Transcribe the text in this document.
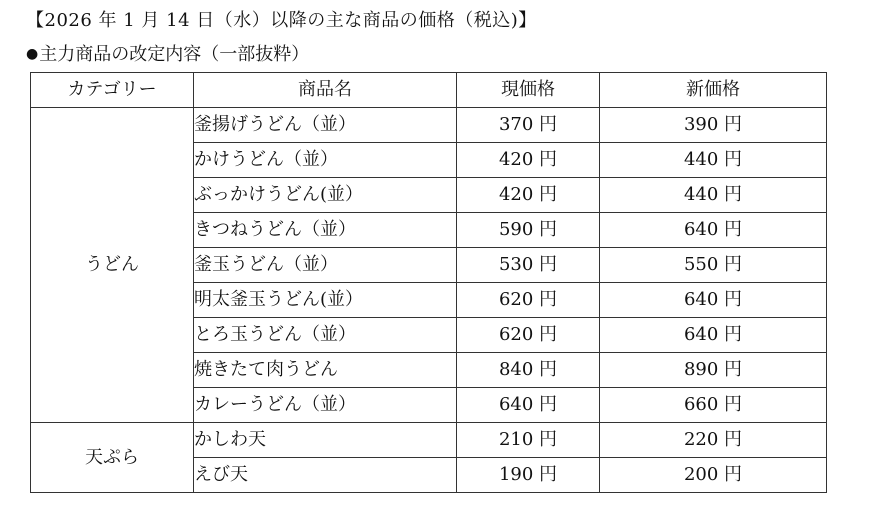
【2026 年 1 月 14 日（水）以降の主な商品の価格（税込)】
●主力商品の改定内容（一部抜粋）
カテゴリー	商品名	現価格	新価格
うどん	釜揚げうどん（並）	370 円	390 円
	かけうどん（並）	420 円	440 円
	ぶっかけうどん(並）	420 円	440 円
	きつねうどん（並）	590 円	640 円
	釜玉うどん（並）	530 円	550 円
	明太釜玉うどん(並）	620 円	640 円
	とろ玉うどん（並）	620 円	640 円
	焼きたて肉うどん	840 円	890 円
	カレーうどん（並）	640 円	660 円
天ぷら	かしわ天	210 円	220 円
	えび天	190 円	200 円
